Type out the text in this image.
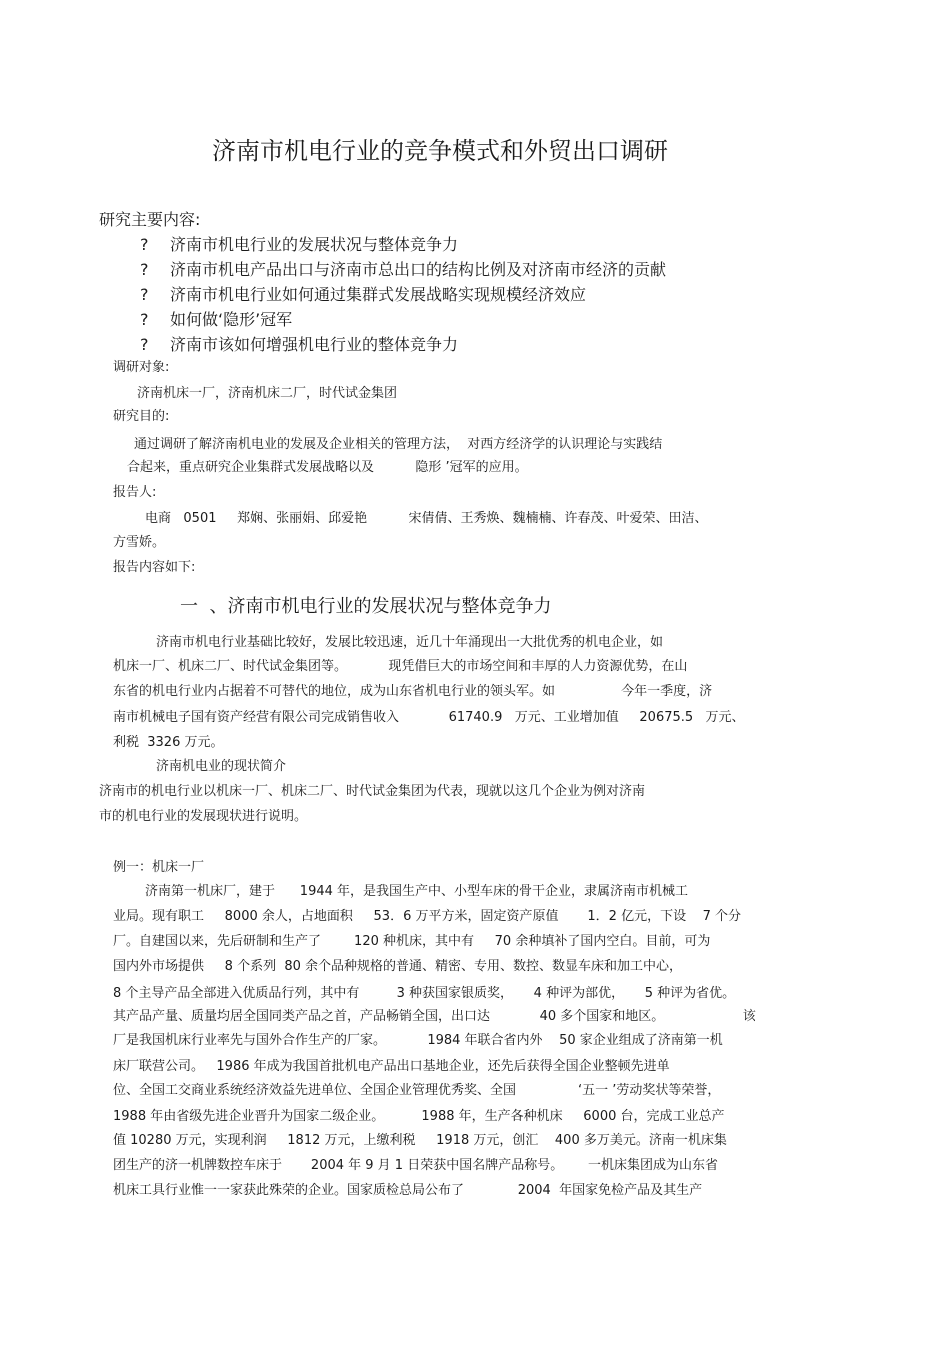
济南市机电行业的竞争模式和外贸出口调研
研究主要内容:
? 济南市机电行业的发展状况与整体竞争力
? 济南市机电产品出口与济南市总出口的结构比例及对济南市经济的贡献
? 济南市机电行业如何通过集群式发展战略实现规模经济效应
? 如何做‘隐形’冠军
? 济南市该如何增强机电行业的整体竞争力
调研对象:
济南机床一厂，济南机床二厂，时代试金集团
研究目的:
通过调研了解济南机电业的发展及企业相关的管理方法，  对西方经济学的认识理论与实践结
合起来，重点研究企业集群式发展战略以及          隐形 ’冠军的应用。
报告人:
电商   0501     郑娴、张丽娟、邱爱艳          宋倩倩、王秀焕、魏楠楠、许春茂、叶爱荣、田洁、
方雪娇。
报告内容如下:
一  、济南市机电行业的发展状况与整体竞争力
济南市机电行业基础比较好，发展比较迅速，近几十年涌现出一大批优秀的机电企业，如
机床一厂、机床二厂、时代试金集团等。          现凭借巨大的市场空间和丰厚的人力资源优势，在山
东省的机电行业内占据着不可替代的地位，成为山东省机电行业的领头军。如                今年一季度，济
南市机械电子国有资产经营有限公司完成销售收入            61740.9   万元、工业增加值     20675.5   万元、
利税  3326 万元。
济南机电业的现状简介
济南市的机电行业以机床一厂、机床二厂、时代试金集团为代表，现就以这几个企业为例对济南
市的机电行业的发展现状进行说明。
例一：机床一厂
济南第一机床厂，建于      1944 年，是我国生产中、小型车床的骨干企业，隶属济南市机械工
业局。现有职工     8000 余人，占地面积     53．6 万平方米，固定资产原值       1．2 亿元，下设    7 个分
厂。自建国以来，先后研制和生产了        120 种机床，其中有     70 余种填补了国内空白。目前，可为
国内外市场提供     8 个系列  80 余个品种规格的普通、精密、专用、数控、数显车床和加工中心，
8 个主导产品全部进入优质品行列，其中有         3 种获国家银质奖，     4 种评为部优，     5 种评为省优。
其产品产量、质量均居全国同类产品之首，产品畅销全国，出口达            40 多个国家和地区。                   该
厂是我国机床行业率先与国外合作生产的厂家。          1984 年联合省内外    50 家企业组成了济南第一机
床厂联营公司。   1986 年成为我国首批机电产品出口基地企业，还先后获得全国企业整顿先进单
位、全国工交商业系统经济效益先进单位、全国企业管理优秀奖、全国               ‘五一 ’劳动奖状等荣誉，
1988 年由省级先进企业晋升为国家二级企业。         1988 年，生产各种机床     6000 台，完成工业总产
值 10280 万元，实现利润     1812 万元，上缴利税     1918 万元，创汇    400 多万美元。济南一机床集
团生产的济一机牌数控车床于       2004 年 9 月 1 日荣获中国名牌产品称号。      一机床集团成为山东省
机床工具行业惟一一家获此殊荣的企业。国家质检总局公布了             2004  年国家免检产品及其生产
